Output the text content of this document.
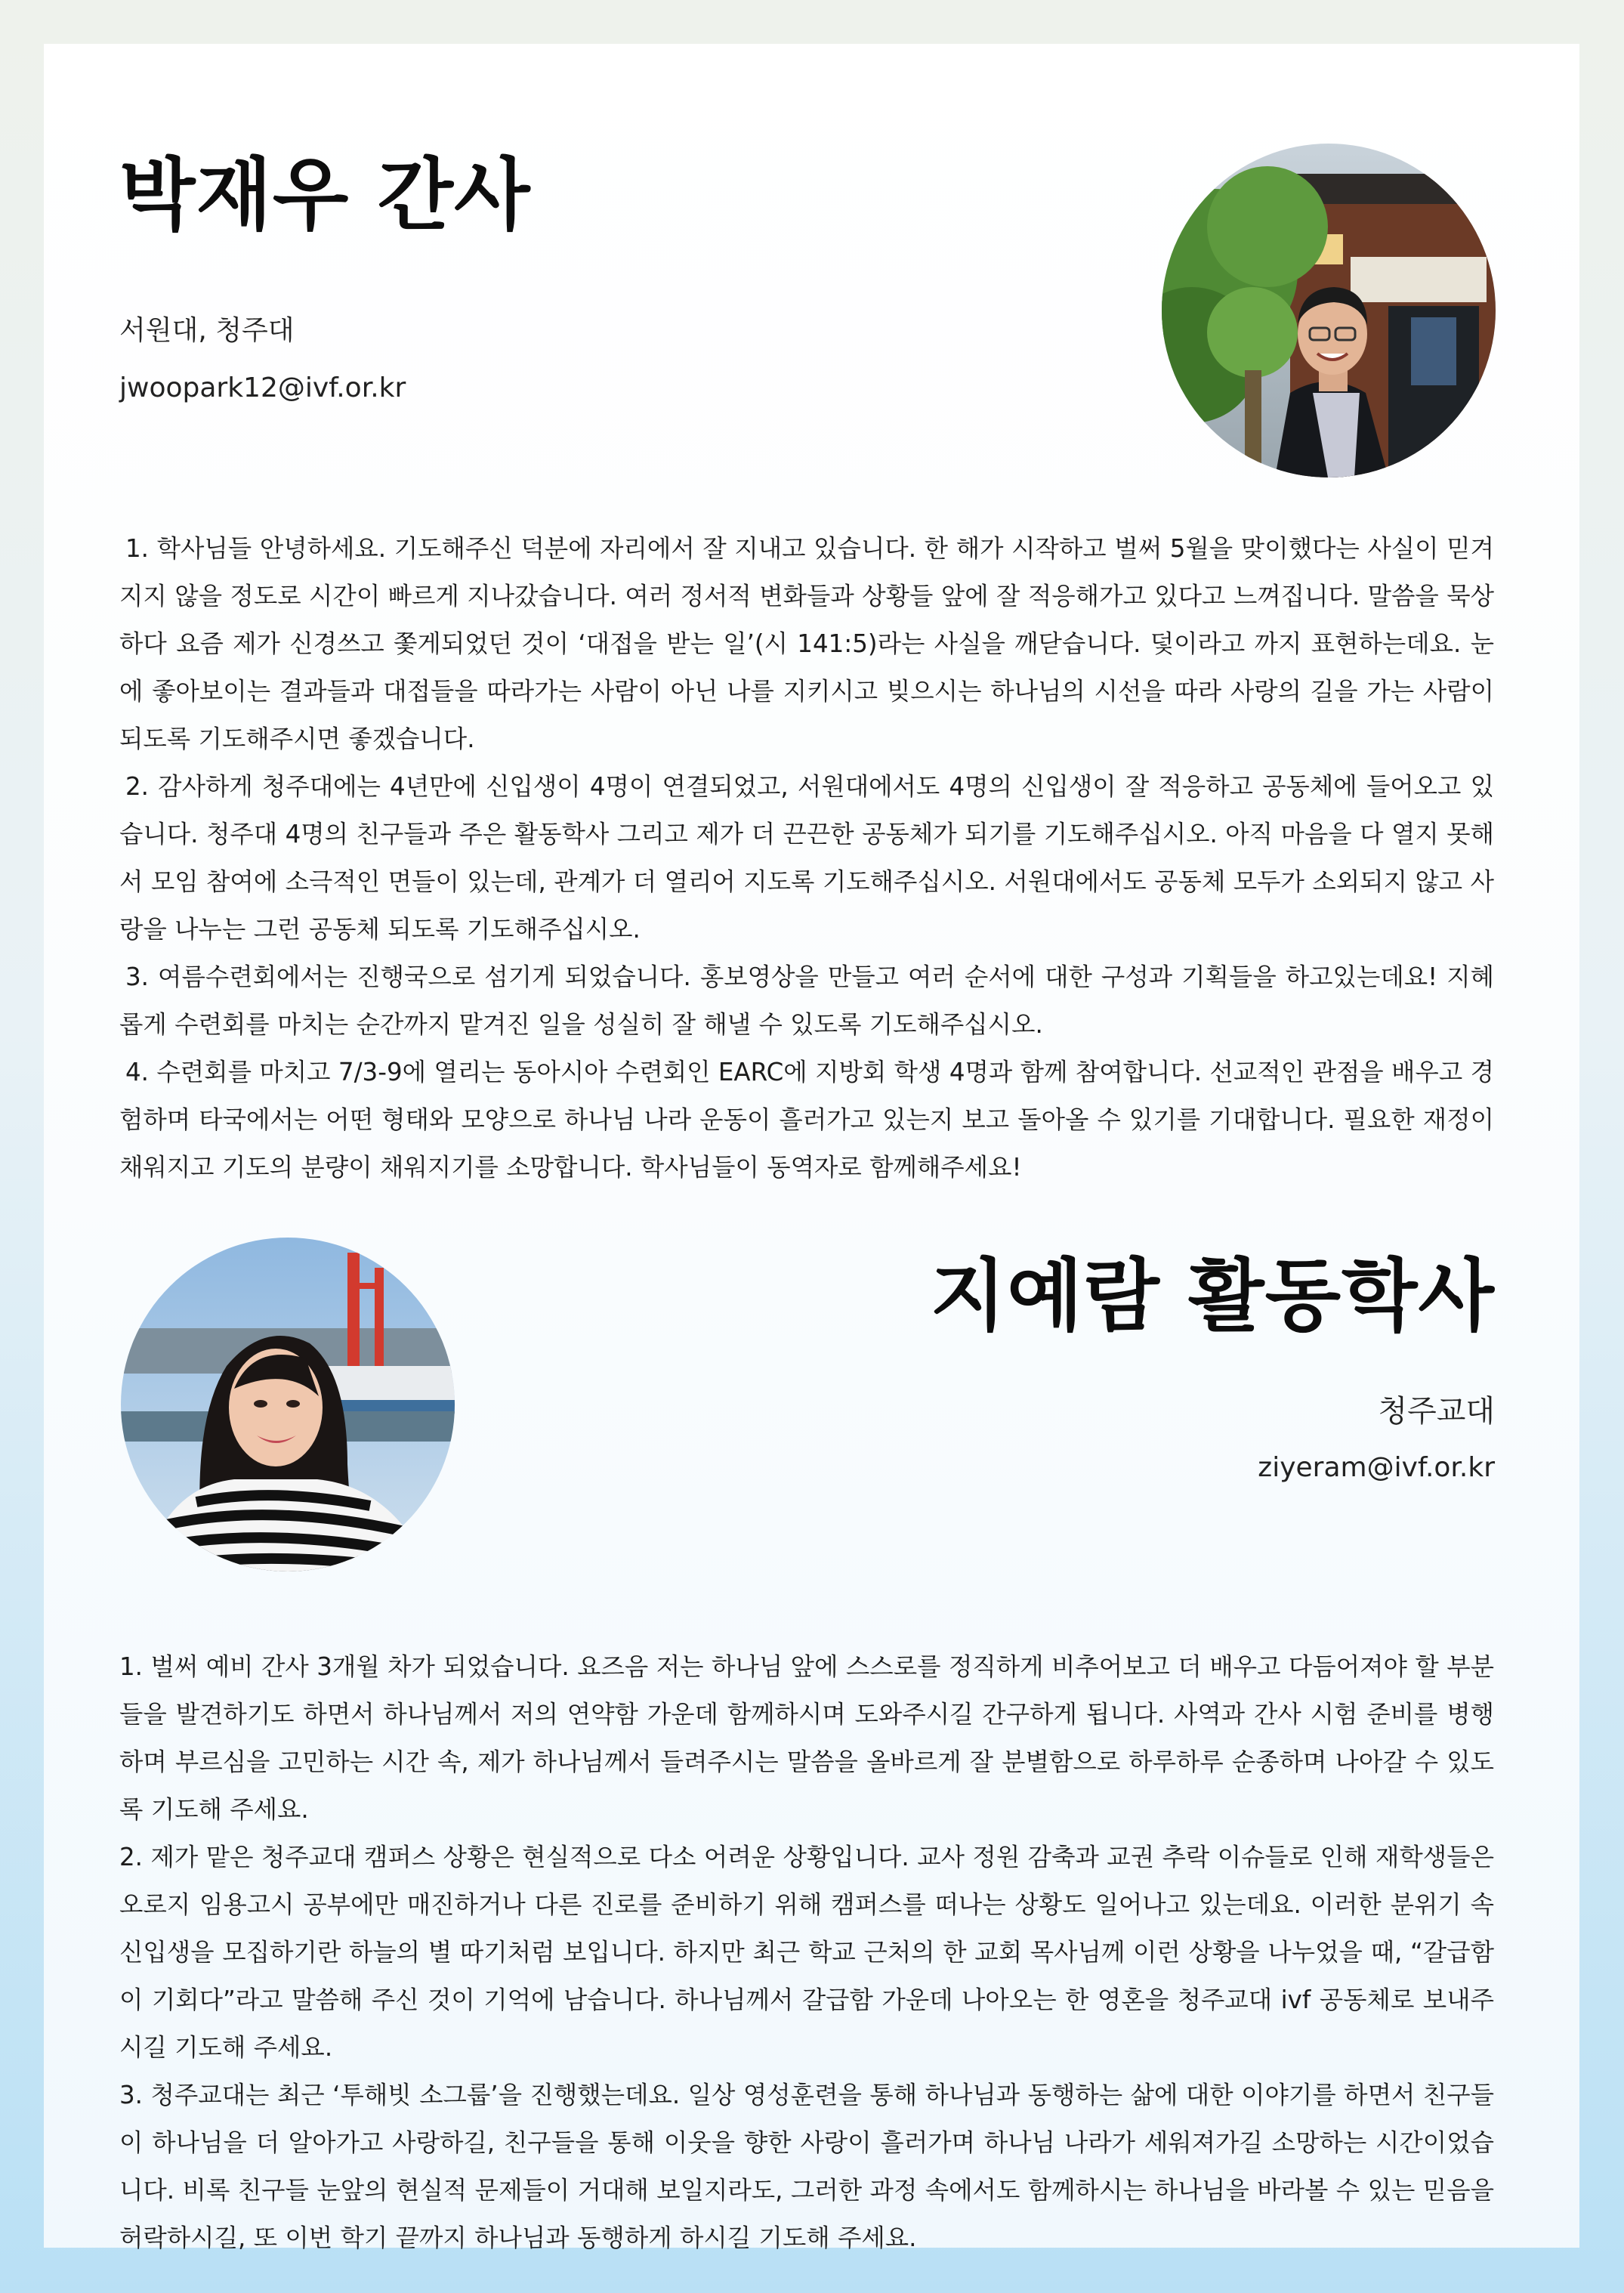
박재우 간사
서원대, 청주대
jwoopark12@ivf.or.kr

1. 학사님들 안녕하세요. 기도해주신 덕분에 자리에서 잘 지내고 있습니다. 한 해가 시작하고 벌써 5월을 맞이했다는 사실이 믿겨지지 않을 정도로 시간이 빠르게 지나갔습니다. 여러 정서적 변화들과 상황들 앞에 잘 적응해가고 있다고 느껴집니다. 말씀을 묵상하다 요즘 제가 신경쓰고 쫓게되었던 것이 ‘대접을 받는 일’(시 141:5)라는 사실을 깨닫습니다. 덫이라고 까지 표현하는데요. 눈에 좋아보이는 결과들과 대접들을 따라가는 사람이 아닌 나를 지키시고 빚으시는 하나님의 시선을 따라 사랑의 길을 가는 사람이 되도록 기도해주시면 좋겠습니다.

2. 감사하게 청주대에는 4년만에 신입생이 4명이 연결되었고, 서원대에서도 4명의 신입생이 잘 적응하고 공동체에 들어오고 있습니다. 청주대 4명의 친구들과 주은 활동학사 그리고 제가 더 끈끈한 공동체가 되기를 기도해주십시오. 아직 마음을 다 열지 못해서 모임 참여에 소극적인 면들이 있는데, 관계가 더 열리어 지도록 기도해주십시오. 서원대에서도 공동체 모두가 소외되지 않고 사랑을 나누는 그런 공동체 되도록 기도해주십시오.

3. 여름수련회에서는 진행국으로 섬기게 되었습니다. 홍보영상을 만들고 여러 순서에 대한 구성과 기획들을 하고있는데요! 지혜롭게 수련회를 마치는 순간까지 맡겨진 일을 성실히 잘 해낼 수 있도록 기도해주십시오.

4. 수련회를 마치고 7/3-9에 열리는 동아시아 수련회인 EARC에 지방회 학생 4명과 함께 참여합니다. 선교적인 관점을 배우고 경험하며 타국에서는 어떤 형태와 모양으로 하나님 나라 운동이 흘러가고 있는지 보고 돌아올 수 있기를 기대합니다. 필요한 재정이 채워지고 기도의 분량이 채워지기를 소망합니다. 학사님들이 동역자로 함께해주세요!

지예람 활동학사
청주교대
ziyeram@ivf.or.kr

1. 벌써 예비 간사 3개월 차가 되었습니다. 요즈음 저는 하나님 앞에 스스로를 정직하게 비추어보고 더 배우고 다듬어져야 할 부분들을 발견하기도 하면서 하나님께서 저의 연약함 가운데 함께하시며 도와주시길 간구하게 됩니다. 사역과 간사 시험 준비를 병행하며 부르심을 고민하는 시간 속, 제가 하나님께서 들려주시는 말씀을 올바르게 잘 분별함으로 하루하루 순종하며 나아갈 수 있도록 기도해 주세요.

2. 제가 맡은 청주교대 캠퍼스 상황은 현실적으로 다소 어려운 상황입니다. 교사 정원 감축과 교권 추락 이슈들로 인해 재학생들은 오로지 임용고시 공부에만 매진하거나 다른 진로를 준비하기 위해 캠퍼스를 떠나는 상황도 일어나고 있는데요. 이러한 분위기 속 신입생을 모집하기란 하늘의 별 따기처럼 보입니다. 하지만 최근 학교 근처의 한 교회 목사님께 이런 상황을 나누었을 때, “갈급함이 기회다”라고 말씀해 주신 것이 기억에 남습니다. 하나님께서 갈급함 가운데 나아오는 한 영혼을 청주교대 ivf 공동체로 보내주시길 기도해 주세요.

3. 청주교대는 최근 ‘투해빗 소그룹’을 진행했는데요. 일상 영성훈련을 통해 하나님과 동행하는 삶에 대한 이야기를 하면서 친구들이 하나님을 더 알아가고 사랑하길, 친구들을 통해 이웃을 향한 사랑이 흘러가며 하나님 나라가 세워져가길 소망하는 시간이었습니다. 비록 친구들 눈앞의 현실적 문제들이 거대해 보일지라도, 그러한 과정 속에서도 함께하시는 하나님을 바라볼 수 있는 믿음을 허락하시길, 또 이번 학기 끝까지 하나님과 동행하게 하시길 기도해 주세요.
